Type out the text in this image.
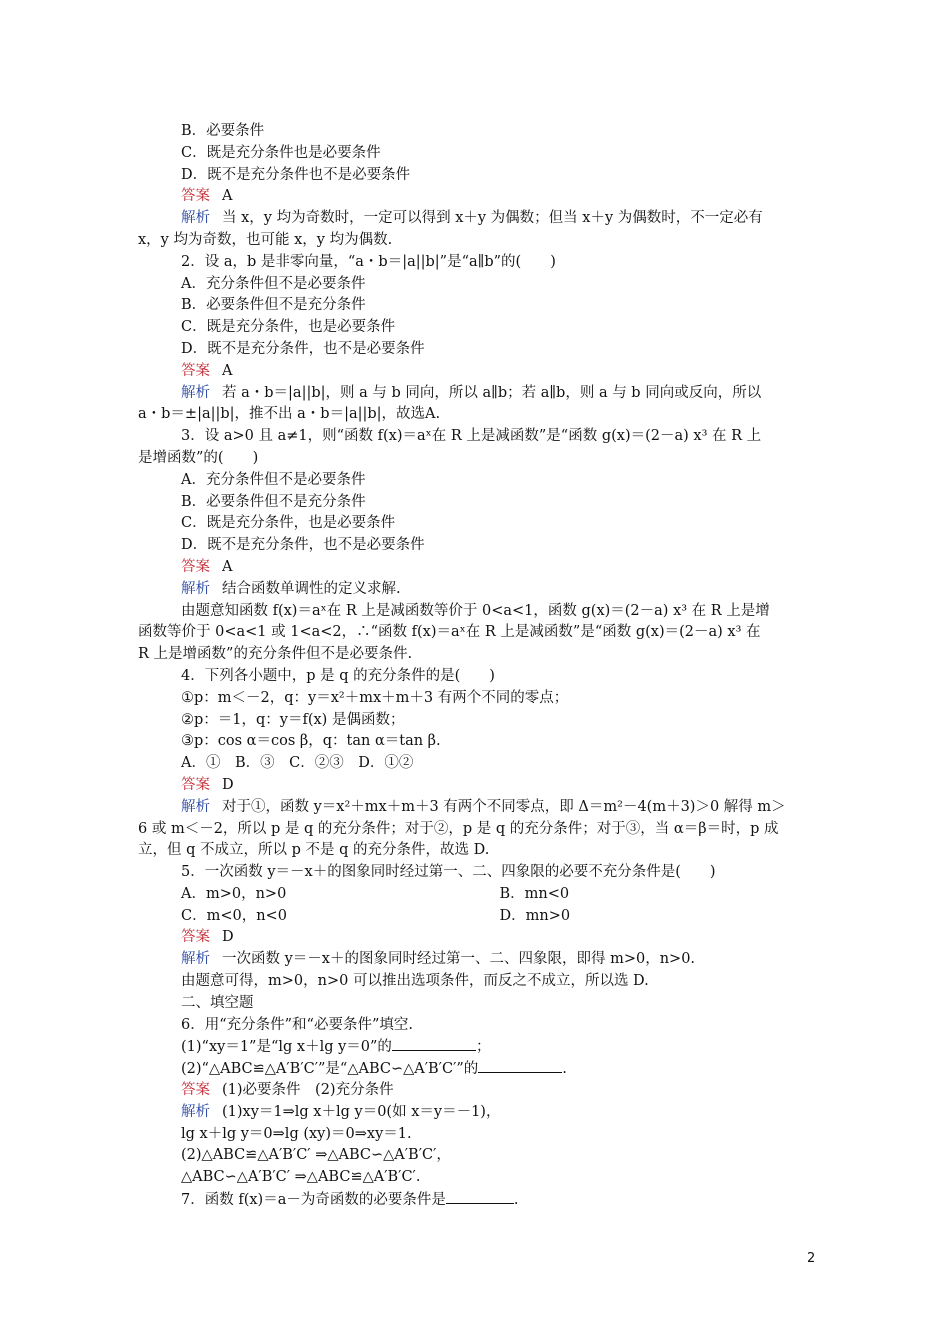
B．必要条件
C．既是充分条件也是必要条件
D．既不是充分条件也不是必要条件
答案 A
解析 当 x，y 均为奇数时，一定可以得到 x＋y 为偶数；但当 x＋y 为偶数时，不一定必有
x，y 均为奇数，也可能 x，y 均为偶数.
2．设 a，b 是非零向量，“a・b＝|a||b|”是“a∥b”的(　　)
A．充分条件但不是必要条件
B．必要条件但不是充分条件
C．既是充分条件，也是必要条件
D．既不是充分条件，也不是必要条件
答案 A
解析 若 a・b＝|a||b|，则 a 与 b 同向，所以 a∥b；若 a∥b，则 a 与 b 同向或反向，所以
a・b＝±|a||b|，推不出 a・b＝|a||b|，故选A.
3．设 a>0 且 a≠1，则“函数 f(x)＝aˣ在 R 上是减函数”是“函数 g(x)＝(2－a) x³ 在 R 上
是增函数”的(　　)
A．充分条件但不是必要条件
B．必要条件但不是充分条件
C．既是充分条件，也是必要条件
D．既不是充分条件，也不是必要条件
答案 A
解析 结合函数单调性的定义求解.
由题意知函数 f(x)＝aˣ在 R 上是减函数等价于 0<a<1，函数 g(x)＝(2－a) x³ 在 R 上是增
函数等价于 0<a<1 或 1<a<2，∴“函数 f(x)＝aˣ在 R 上是减函数”是“函数 g(x)＝(2－a) x³ 在
R 上是增函数”的充分条件但不是必要条件.
4．下列各小题中，p 是 q 的充分条件的是(　　)
①p：m＜－2，q：y＝x²＋mx＋m＋3 有两个不同的零点；
②p：＝1，q：y＝f(x) 是偶函数；
③p：cos α＝cos β，q：tan α＝tan β.
A．①　B．③　C．②③　D．①②
答案 D
解析 对于①，函数 y＝x²＋mx＋m＋3 有两个不同零点，即 Δ＝m²－4(m＋3)＞0 解得 m＞
6 或 m＜－2，所以 p 是 q 的充分条件；对于②，p 是 q 的充分条件；对于③，当 α＝β＝时，p 成
立，但 q 不成立，所以 p 不是 q 的充分条件，故选 D.
5．一次函数 y＝－x＋的图象同时经过第一、二、四象限的必要不充分条件是(　　)
A．m>0，n>0	B．mn<0
C．m<0，n<0	D．mn>0
答案 D
解析 一次函数 y＝－x＋的图象同时经过第一、二、四象限，即得 m>0，n>0.
由题意可得，m>0，n>0 可以推出选项条件，而反之不成立，所以选 D.
二、填空题
6．用“充分条件”和“必要条件”填空.
(1)“xy＝1”是“lg x＋lg y＝0”的	；
(2)“△ABC≌△A′B′C′”是“△ABC∽△A′B′C′”的	.
答案 (1)必要条件　(2)充分条件
解析 (1)xy＝1⇒lg x＋lg y＝0(如 x＝y＝－1)，
lg x＋lg y＝0⇒lg (xy)＝0⇒xy＝1.
(2)△ABC≌△A′B′C′ ⇒△ABC∽△A′B′C′，
△ABC∽△A′B′C′ ⇒△ABC≌△A′B′C′.
7．函数 f(x)＝a－为奇函数的必要条件是	.
2
